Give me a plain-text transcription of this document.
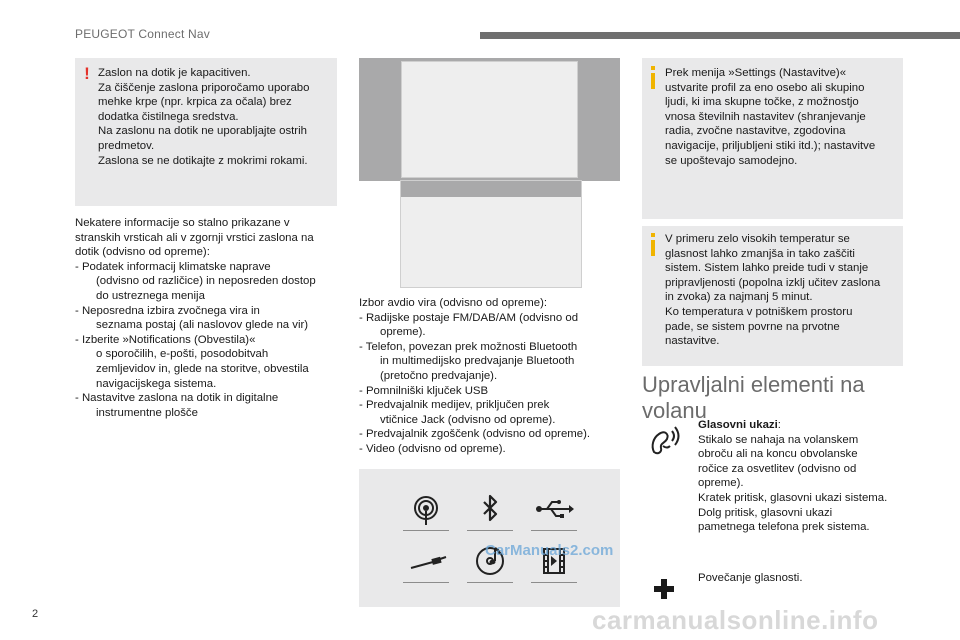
PEUGEOT Connect Nav
! Zaslon na dotik je kapacitiven.
Za čiščenje zaslona priporočamo uporabo
mehke krpe (npr. krpica za očala) brez
dodatka čistilnega sredstva.
Na zaslonu na dotik ne uporabljajte ostrih
predmetov.
Zaslona se ne dotikajte z mokrimi rokami.
Nekatere informacije so stalno prikazane v
stranskih vrsticah ali v zgornji vrstici zaslona na
dotik (odvisno od opreme):
- Podatek informacij klimatske naprave
(odvisno od različice) in neposreden dostop
do ustreznega menija
- Neposredna izbira zvočnega vira in
seznama postaj (ali naslovov glede na vir)
- Izberite »Notifications (Obvestila)«
o sporočilih, e-pošti, posodobitvah
zemljevidov in, glede na storitve, obvestila
navigacijskega sistema.
- Nastavitve zaslona na dotik in digitalne
instrumentne plošče
Izbor avdio vira (odvisno od opreme):
- Radijske postaje FM/DAB/AM (odvisno od
opreme).
- Telefon, povezan prek možnosti Bluetooth
in multimedijsko predvajanje Bluetooth
(pretočno predvajanje).
- Pomnilniški ključek USB
- Predvajalnik medijev, priključen prek
vtičnice Jack (odvisno od opreme).
- Predvajalnik zgoščenk (odvisno od opreme).
- Video (odvisno od opreme).
CarManuals2.com
Prek menija »Settings (Nastavitve)«
ustvarite profil za eno osebo ali skupino
ljudi, ki ima skupne točke, z možnostjo
vnosa številnih nastavitev (shranjevanje
radia, zvočne nastavitve, zgodovina
navigacije, priljubljeni stiki itd.); nastavitve
se upoštevajo samodejno.
V primeru zelo visokih temperatur se
glasnost lahko zmanjša in tako zaščiti
sistem. Sistem lahko preide tudi v stanje
pripravljenosti (popolna izklj učitev zaslona
in zvoka) za najmanj 5 minut.
Ko temperatura v potniškem prostoru
pade, se sistem povrne na prvotne
nastavitve.
Upravljalni elementi na
volanu
Glasovni ukazi:
Stikalo se nahaja na volanskem
obroču ali na koncu obvolanske
ročice za osvetlitev (odvisno od
opreme).
Kratek pritisk, glasovni ukazi sistema.
Dolg pritisk, glasovni ukazi
pametnega telefona prek sistema.
Povečanje glasnosti.
2	carmanualsonline.info
